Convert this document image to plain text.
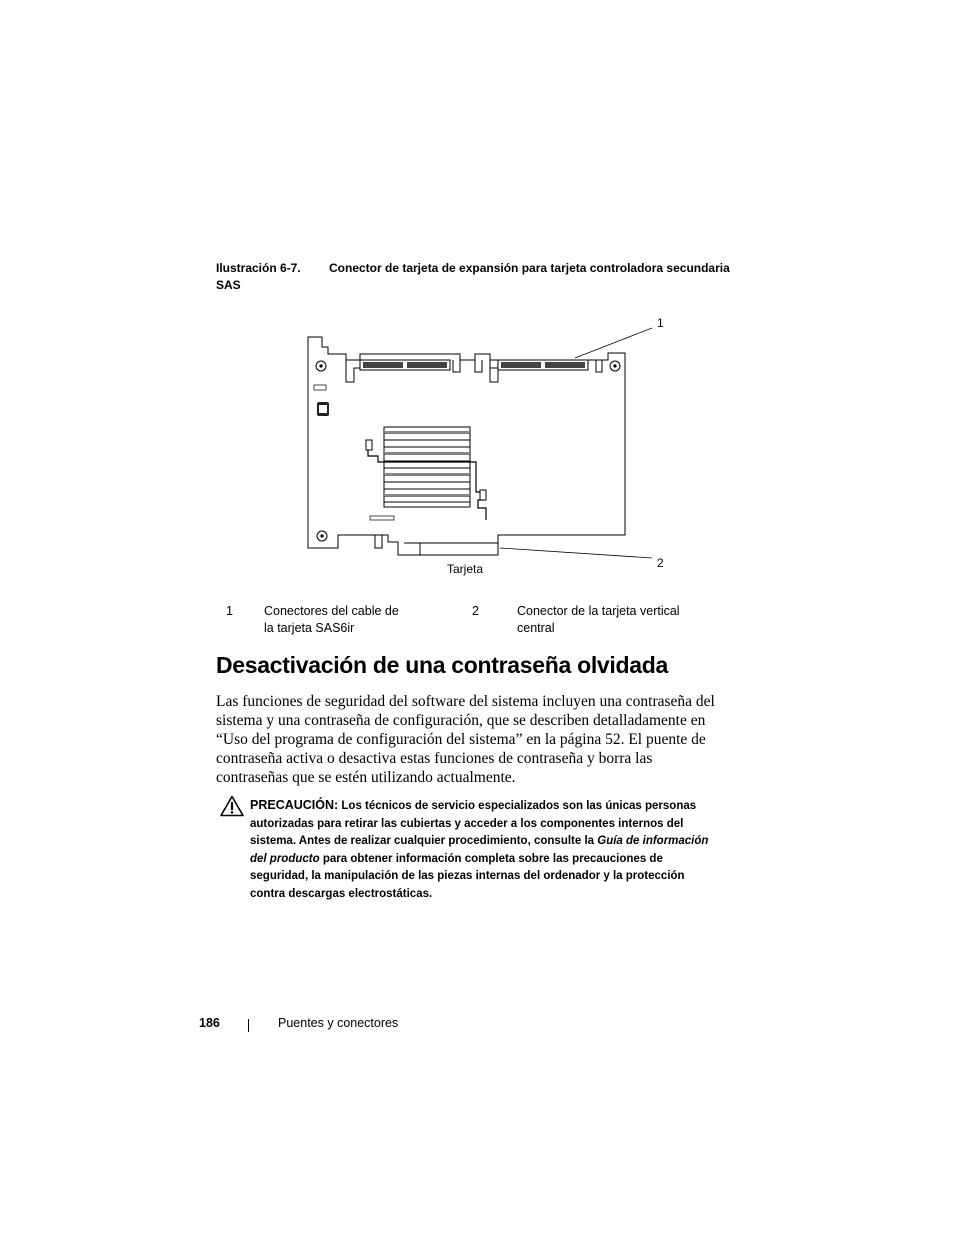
Ilustración 6-7. Conector de tarjeta de expansión para tarjeta controladora secundaria SAS
1
2
Tarjeta
1 Conectores del cable de la tarjeta SAS6ir
2	Conector de la tarjeta vertical central
Desactivación de una contraseña olvidada

Las funciones de seguridad del software del sistema incluyen una contraseña del sistema y una contraseña de configuración, que se describen detalladamente en “Uso del programa de configuración del sistema” en la página 52. El puente de contraseña activa o desactiva estas funciones de contraseña y borra las contraseñas que se estén utilizando actualmente.

PRECAUCIÓN: Los técnicos de servicio especializados son las únicas personas autorizadas para retirar las cubiertas y acceder a los componentes internos del sistema. Antes de realizar cualquier procedimiento, consulte la Guía de información del producto para obtener información completa sobre las precauciones de seguridad, la manipulación de las piezas internas del ordenador y la protección contra descargas electrostáticas.

186	Puentes y conectores
